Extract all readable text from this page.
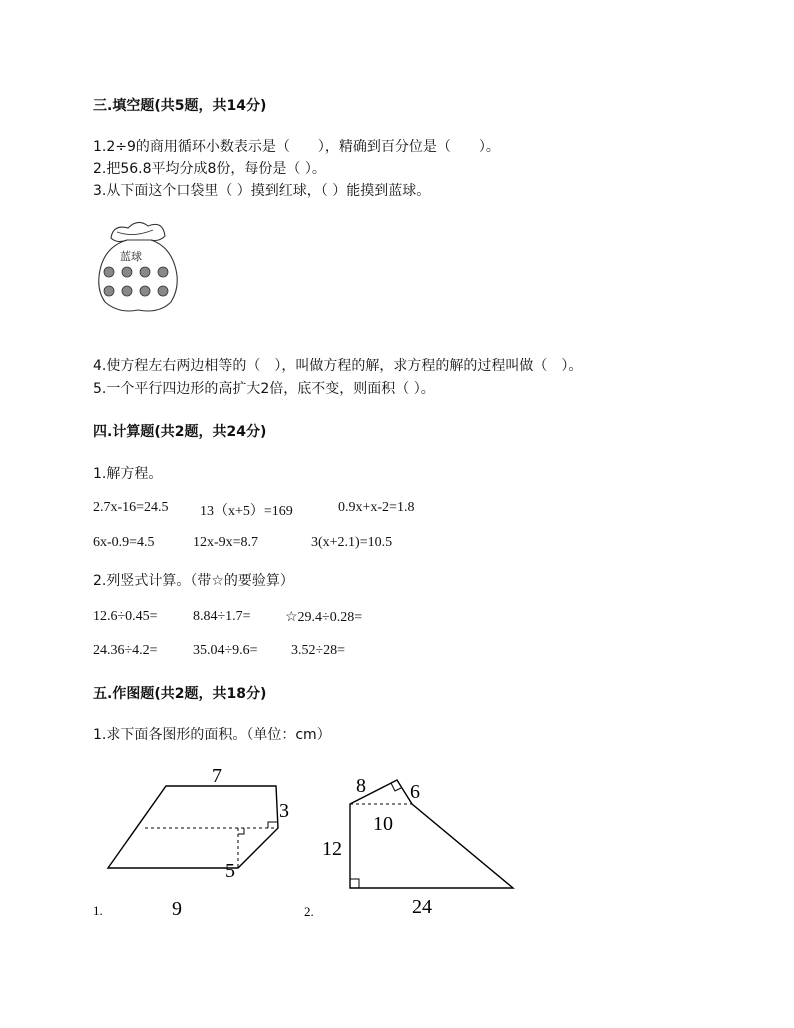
三.填空题(共5题，共14分)
1.2÷9的商用循环小数表示是（　　），精确到百分位是（　　）。
2.把56.8平均分成8份，每份是（ ）。
3.从下面这个口袋里（ ）摸到红球，（ ）能摸到蓝球。
蓝球
4.使方程左右两边相等的（　），叫做方程的解，求方程的解的过程叫做（　）。
5.一个平行四边形的高扩大2倍，底不变，则面积（ ）。
四.计算题(共2题，共24分)
1.解方程。
2.7x-16=24.5 13（x+5）=169	0.9x+x-2=1.8
6x-0.9=4.5	12x-9x=8.7	3(x+2.1)=10.5
2.列竖式计算。（带☆的要验算）
12.6÷0.45=	8.84÷1.7= ☆29.4÷0.28=
24.36÷4.2=	35.04÷9.6= 3.52÷28=
五.作图题(共2题，共18分)
1.求下面各图形的面积。（单位：cm）
7
3
5
9
1.
8 6
10
12
24
2.
